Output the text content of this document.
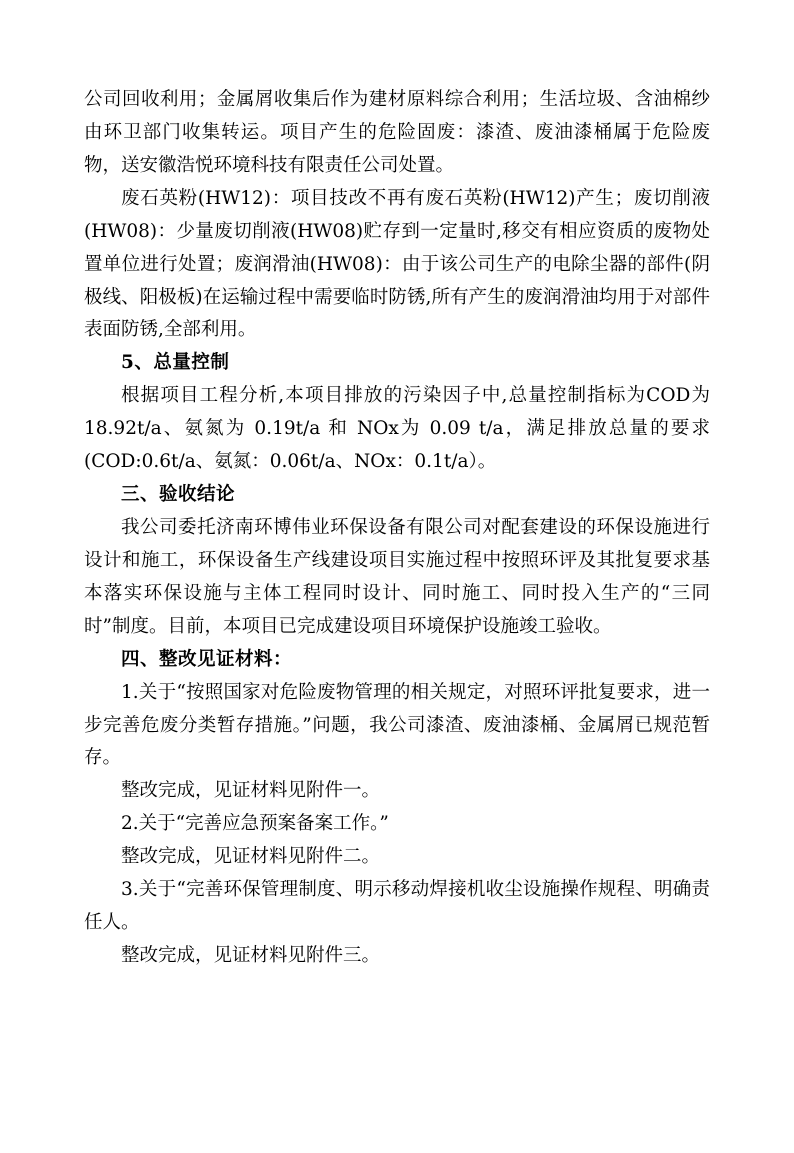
公司回收利用；金属屑收集后作为建材原料综合利用；生活垃圾、含油棉纱由环卫部门收集转运。项目产生的危险固废：漆渣、废油漆桶属于危险废物，送安徽浩悦环境科技有限责任公司处置。

废石英粉(HW12)：项目技改不再有废石英粉(HW12)产生；废切削液(HW08)：少量废切削液(HW08)贮存到一定量时,移交有相应资质的废物处置单位进行处置；废润滑油(HW08)：由于该公司生产的电除尘器的部件(阴极线、阳极板)在运输过程中需要临时防锈,所有产生的废润滑油均用于对部件表面防锈,全部利用。

5、总量控制

根据项目工程分析,本项目排放的污染因子中,总量控制指标为COD为 18.92t/a、氨氮为 0.19t/a 和 NOx为 0.09 t/a，满足排放总量的要求(COD:0.6t/a、氨氮：0.06t/a、NOx：0.1t/a）。

三、验收结论

我公司委托济南环博伟业环保设备有限公司对配套建设的环保设施进行设计和施工，环保设备生产线建设项目实施过程中按照环评及其批复要求基本落实环保设施与主体工程同时设计、同时施工、同时投入生产的“三同时”制度。目前，本项目已完成建设项目环境保护设施竣工验收。

四、整改见证材料：

1.关于“按照国家对危险废物管理的相关规定，对照环评批复要求，进一步完善危废分类暂存措施。”问题，我公司漆渣、废油漆桶、金属屑已规范暂存。

整改完成，见证材料见附件一。

2.关于“完善应急预案备案工作。”

整改完成，见证材料见附件二。

3.关于“完善环保管理制度、明示移动焊接机收尘设施操作规程、明确责任人。

整改完成，见证材料见附件三。
